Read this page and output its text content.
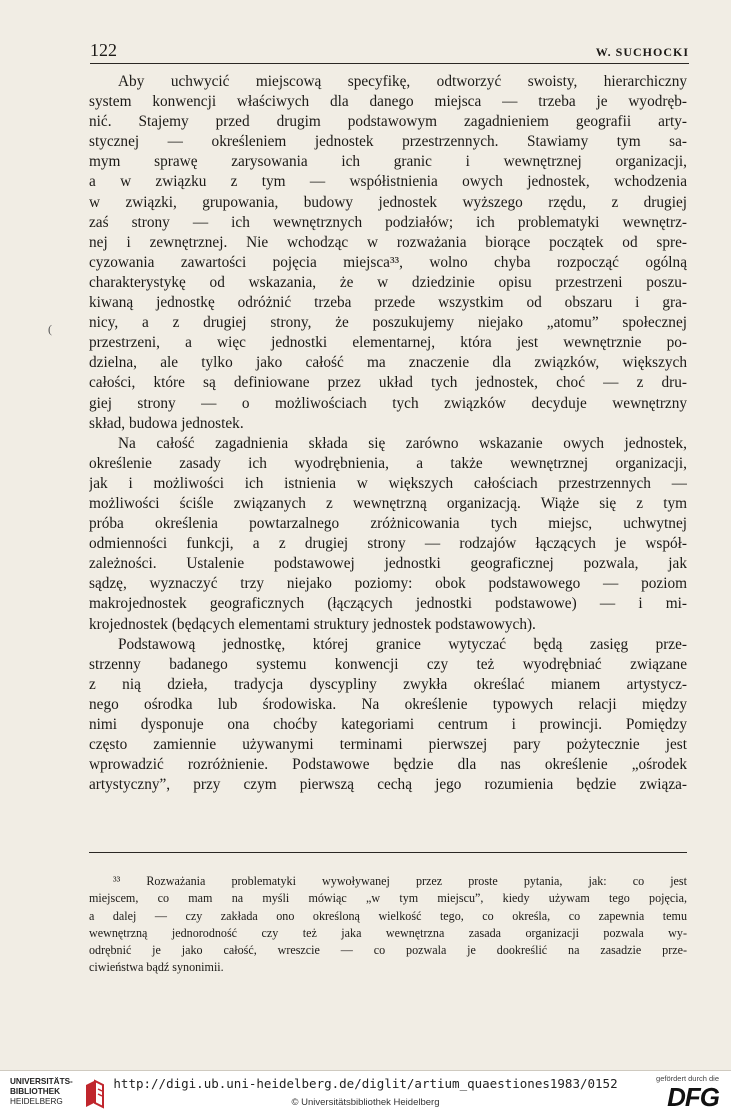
122	W. SUCHOCKI
(
Aby uchwycić miejscową specyfikę, odtworzyć swoisty, hierarchiczny
system konwencji właściwych dla danego miejsca — trzeba je wyodręb-
nić. Stajemy przed drugim podstawowym zagadnieniem geografii arty-
stycznej — określeniem jednostek przestrzennych. Stawiamy tym sa-
mym sprawę zarysowania ich granic i wewnętrznej organizacji,
a w związku z tym — współistnienia owych jednostek, wchodzenia
w związki, grupowania, budowy jednostek wyższego rzędu, z drugiej
zaś strony — ich wewnętrznych podziałów; ich problematyki wewnętrz-
nej i zewnętrznej. Nie wchodząc w rozważania biorące początek od spre-
cyzowania zawartości pojęcia miejsca³³, wolno chyba rozpocząć ogólną
charakterystykę od wskazania, że w dziedzinie opisu przestrzeni poszu-
kiwaną jednostkę odróżnić trzeba przede wszystkim od obszaru i gra-
nicy, a z drugiej strony, że poszukujemy niejako „atomu” społecznej
przestrzeni, a więc jednostki elementarnej, która jest wewnętrznie po-
dzielna, ale tylko jako całość ma znaczenie dla związków, większych
całości, które są definiowane przez układ tych jednostek, choć — z dru-
giej strony — o możliwościach tych związków decyduje wewnętrzny
skład, budowa jednostek.
Na całość zagadnienia składa się zarówno wskazanie owych jednostek,
określenie zasady ich wyodrębnienia, a także wewnętrznej organizacji,
jak i możliwości ich istnienia w większych całościach przestrzennych —
możliwości ściśle związanych z wewnętrzną organizacją. Wiąże się z tym
próba określenia powtarzalnego zróżnicowania tych miejsc, uchwytnej
odmienności funkcji, a z drugiej strony — rodzajów łączących je współ-
zależności. Ustalenie podstawowej jednostki geograficznej pozwala, jak
sądzę, wyznaczyć trzy niejako poziomy: obok podstawowego — poziom
makrojednostek geograficznych (łączących jednostki podstawowe) — i mi-
krojednostek (będących elementami struktury jednostek podstawowych).
Podstawową jednostkę, której granice wytyczać będą zasięg prze-
strzenny badanego systemu konwencji czy też wyodrębniać związane
z nią dzieła, tradycja dyscypliny zwykła określać mianem artystycz-
nego ośrodka lub środowiska. Na określenie typowych relacji między
nimi dysponuje ona choćby kategoriami centrum i prowincji. Pomiędzy
często zamiennie używanymi terminami pierwszej pary pożytecznie jest
wprowadzić rozróżnienie. Podstawowe będzie dla nas określenie „ośrodek
artystyczny”, przy czym pierwszą cechą jego rozumienia będzie związa-
³³ Rozważania problematyki wywoływanej przez proste pytania, jak: co jest
miejscem, co mam na myśli mówiąc „w tym miejscu”, kiedy używam tego pojęcia,
a dalej — czy zakłada ono określoną wielkość tego, co określa, co zapewnia temu
wewnętrzną jednorodność czy też jaka wewnętrzna zasada organizacji pozwala wy-
odrębnić je jako całość, wreszcie — co pozwala je dookreślić na zasadzie prze-
ciwieństwa bądź synonimii.
UNIVERSITÄTS-
BIBLIOTHEK
HEIDELBERG
http://digi.ub.uni-heidelberg.de/diglit/artium_quaestiones1983/0152
© Universitätsbibliothek Heidelberg
gefördert durch die
DFG
